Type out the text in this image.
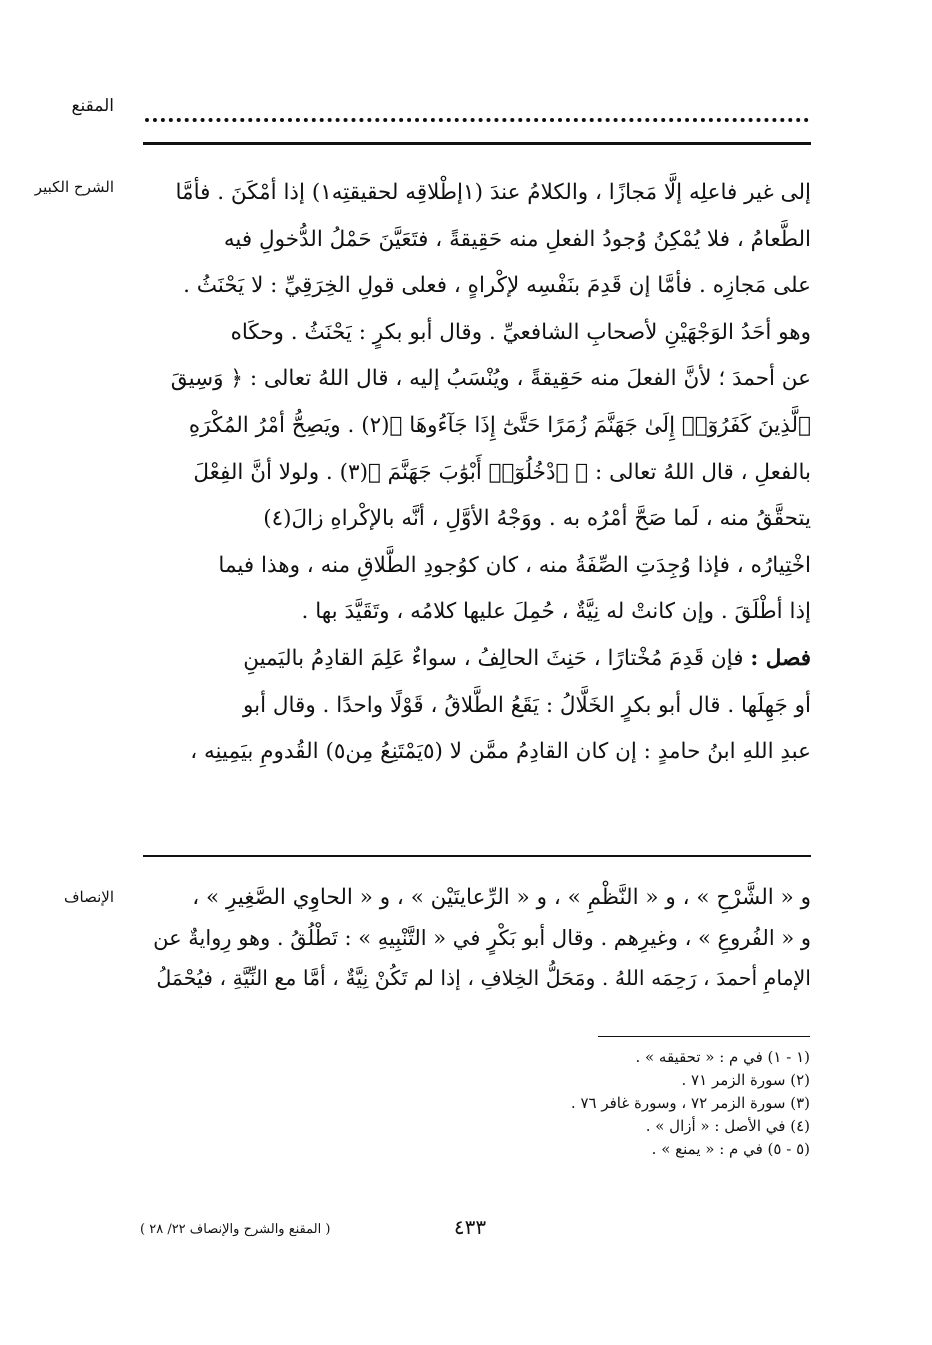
المقنع
الشرح الكبير	إلى غير فاعلِه إلَّا مَجازًا ، والكلامُ عندَ (١إطْلاقِه لحقيقتِه١) إذا أمْكَنَ . فأمَّا
الطَّعامُ ، فلا يُمْكِنُ وُجودُ الفعلِ منه حَقِيقةً ، فتَعَيَّنَ حَمْلُ الدُّخولِ فيه
على مَجازِه . فأمَّا إن قَدِمَ بنَفْسِه لإكْراهٍ ، فعلى قولِ الخِرَقِيِّ : لا يَحْنَثُ .
وهو أحَدُ الوَجْهَيْنِ لأصحابِ الشافعيِّ . وقال أبو بكرٍ : يَحْنَثُ . وحكَاه
عن أحمدَ ؛ لأنَّ الفعلَ منه حَقِيقةً ، ويُنْسَبُ إليه ، قال اللهُ تعالى : ﴿ وَسِيقَ
ٱلَّذِينَ كَفَرُوٓا۟ إِلَىٰ جَهَنَّمَ زُمَرًا حَتَّىٰٓ إِذَا جَآءُوهَا ﴾(٢) . ويَصِحُّ أمْرُ المُكْرَهِ
بالفعلِ ، قال اللهُ تعالى : ﴿ ٱدْخُلُوٓا۟ أَبْوَٰبَ جَهَنَّمَ ﴾(٣) . ولولا أنَّ الفِعْلَ
يتحقَّقُ منه ، لَما صَحَّ أمْرُه به . ووَجْهُ الأوَّلِ ، أنَّه بالإكْراهِ زالَ(٤)
اخْتِيارُه ، فإذا وُجِدَتِ الصِّفَةُ منه ، كان كوُجودِ الطَّلاقِ منه ، وهذا فيما
إذا أطْلَقَ . وإن كانتْ له نِيَّةٌ ، حُمِلَ عليها كلامُه ، وتَقَيَّدَ بها .
فصل : فإن قَدِمَ مُخْتارًا ، حَنِثَ الحالِفُ ، سواءٌ عَلِمَ القادِمُ باليَمينِ
أو جَهِلَها . قال أبو بكرٍ الخَلَّالُ : يَقَعُ الطَّلاقُ ، قَوْلًا واحدًا . وقال أبو
عبدِ اللهِ ابنُ حامدٍ : إن كان القادِمُ ممَّن لا (٥يَمْتَنِعُ مِن٥) القُدومِ بيَمِينِه ،
الإنصاف	و « الشَّرْحِ » ، و « النَّظْمِ » ، و « الرِّعايتَيْن » ، و « الحاوِي الصَّغِيرِ » ،
و « الفُروعِ » ، وغيرِهم . وقال أبو بَكْرٍ في « التَّنْبِيهِ » : تَطْلُقُ . وهو رِوايةٌ عن
الإمامِ أحمدَ ، رَحِمَه اللهُ . ومَحَلُّ الخِلافِ ، إذا لم تَكُنْ نِيَّةٌ ، أمَّا مع النِّيَّةِ ، فيُحْمَلُ
(١ - ١) في م : « تحقيقه » .
(٢) سورة الزمر ٧١ .
(٣) سورة الزمر ٧٢ ، وسورة غافر ٧٦ .
(٤) في الأصل : « أزال » .
(٥ - ٥) في م : « يمنع » .
٤٣٣
( المقنع والشرح والإنصاف ٢٢/ ٢٨ )
